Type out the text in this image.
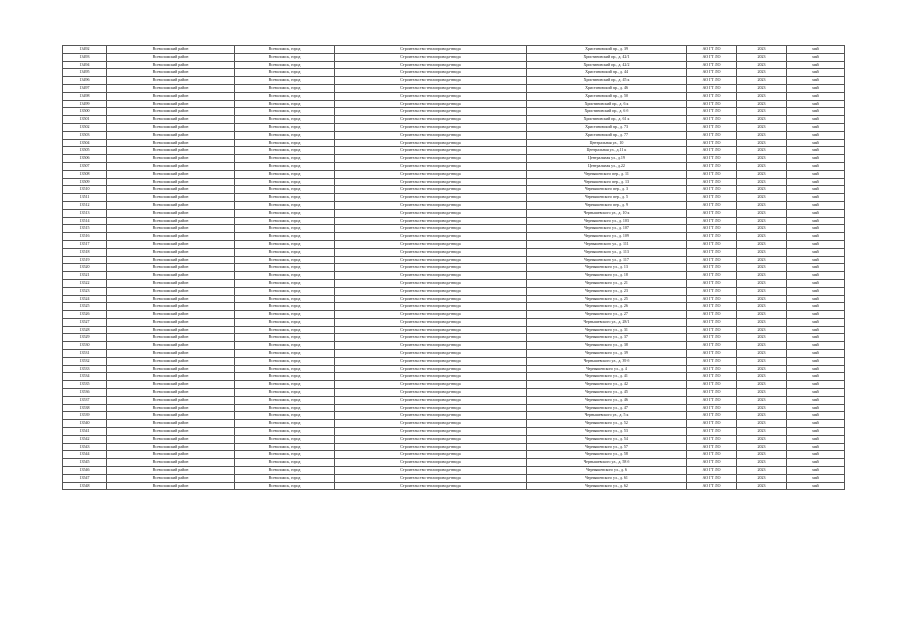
13492	Всеволожский район	Всеволожск, город	Строительство теплопровода-ввода	Христиновский пр., д. 39	АО ГТ ЛО	2023	май
13493	Всеволожский район	Всеволожск, город	Строительство теплопровода-ввода	Христиновский пр., д. 42/1	АО ГТ ЛО	2023	май
13494	Всеволожский район	Всеволожск, город	Строительство теплопровода-ввода	Христиновский пр., д. 42/2	АО ГТ ЛО	2023	май
13495	Всеволожский район	Всеволожск, город	Строительство теплопровода-ввода	Христиновский пр., д. 44	АО ГТ ЛО	2023	май
13496	Всеволожский район	Всеволожск, город	Строительство теплопровода-ввода	Христиновский пр., д. 45 к	АО ГТ ЛО	2023	май
13497	Всеволожский район	Всеволожск, город	Строительство теплопровода-ввода	Христиновский пр., д. 46	АО ГТ ЛО	2023	май
13498	Всеволожский район	Всеволожск, город	Строительство теплопровода-ввода	Христиновский пр., д. 50	АО ГТ ЛО	2023	май
13499	Всеволожский район	Всеволожск, город	Строительство теплопровода-ввода	Христиновский пр., д. 6 к	АО ГТ ЛО	2023	май
13500	Всеволожский район	Всеволожск, город	Строительство теплопровода-ввода	Христиновский пр., д. 6 б	АО ГТ ЛО	2023	май
13501	Всеволожский район	Всеволожск, город	Строительство теплопровода-ввода	Христиновский пр., д. 61 к	АО ГТ ЛО	2023	май
13502	Всеволожский район	Всеволожск, город	Строительство теплопровода-ввода	Христиновский пр., д. 73	АО ГТ ЛО	2023	май
13503	Всеволожский район	Всеволожск, город	Строительство теплопровода-ввода	Христиновский пр., д. 77	АО ГТ ЛО	2023	май
13504	Всеволожский район	Всеволожск, город	Строительство теплопровода-ввода	Центральная ул., 10	АО ГТ ЛО	2023	май
13505	Всеволожский район	Всеволожск, город	Строительство теплопровода-ввода	Центральная ул., д.11 к	АО ГТ ЛО	2023	май
13506	Всеволожский район	Всеволожск, город	Строительство теплопровода-ввода	Центральная ул., д.19	АО ГТ ЛО	2023	май
13507	Всеволожский район	Всеволожск, город	Строительство теплопровода-ввода	Центральная ул., д.22	АО ГТ ЛО	2023	май
13508	Всеволожский район	Всеволожск, город	Строительство теплопровода-ввода	Чернышевского пер., д. 11	АО ГТ ЛО	2023	май
13509	Всеволожский район	Всеволожск, город	Строительство теплопровода-ввода	Чернышевского пер., д. 13	АО ГТ ЛО	2023	май
13510	Всеволожский район	Всеволожск, город	Строительство теплопровода-ввода	Чернышевского пер., д. 3	АО ГТ ЛО	2023	май
13511	Всеволожский район	Всеволожск, город	Строительство теплопровода-ввода	Чернышевского пер., д. 5	АО ГТ ЛО	2023	май
13512	Всеволожский район	Всеволожск, город	Строительство теплопровода-ввода	Чернышевского пер., д. 9	АО ГТ ЛО	2023	май
13513	Всеволожский район	Всеволожск, город	Строительство теплопровода-ввода	Чернышевского ул., д. 10 к	АО ГТ ЛО	2023	май
13514	Всеволожский район	Всеволожск, город	Строительство теплопровода-ввода	Чернышевского ул., д. 103	АО ГТ ЛО	2023	май
13515	Всеволожский район	Всеволожск, город	Строительство теплопровода-ввода	Чернышевского ул., д. 107	АО ГТ ЛО	2023	май
13516	Всеволожский район	Всеволожск, город	Строительство теплопровода-ввода	Чернышевского ул., д. 109	АО ГТ ЛО	2023	май
13517	Всеволожский район	Всеволожск, город	Строительство теплопровода-ввода	Чернышевского ул., д. 111	АО ГТ ЛО	2023	май
13518	Всеволожский район	Всеволожск, город	Строительство теплопровода-ввода	Чернышевского ул., д. 113	АО ГТ ЛО	2023	май
13519	Всеволожский район	Всеволожск, город	Строительство теплопровода-ввода	Чернышевского ул., д. 117	АО ГТ ЛО	2023	май
13520	Всеволожский район	Всеволожск, город	Строительство теплопровода-ввода	Чернышевского ул., д. 13	АО ГТ ЛО	2023	май
13521	Всеволожский район	Всеволожск, город	Строительство теплопровода-ввода	Чернышевского ул., д. 18	АО ГТ ЛО	2023	май
13522	Всеволожский район	Всеволожск, город	Строительство теплопровода-ввода	Чернышевского ул., д. 21	АО ГТ ЛО	2023	май
13523	Всеволожский район	Всеволожск, город	Строительство теплопровода-ввода	Чернышевского ул., д. 23	АО ГТ ЛО	2023	май
13524	Всеволожский район	Всеволожск, город	Строительство теплопровода-ввода	Чернышевского ул., д. 25	АО ГТ ЛО	2023	май
13525	Всеволожский район	Всеволожск, город	Строительство теплопровода-ввода	Чернышевского ул., д. 26	АО ГТ ЛО	2023	май
13526	Всеволожский район	Всеволожск, город	Строительство теплопровода-ввода	Чернышевского ул., д. 27	АО ГТ ЛО	2023	май
13527	Всеволожский район	Всеволожск, город	Строительство теплопровода-ввода	Чернышевского ул., д. 28/1	АО ГТ ЛО	2023	май
13528	Всеволожский район	Всеволожск, город	Строительство теплопровода-ввода	Чернышевского ул., д. 31	АО ГТ ЛО	2023	май
13529	Всеволожский район	Всеволожск, город	Строительство теплопровода-ввода	Чернышевского ул., д. 37	АО ГТ ЛО	2023	май
13530	Всеволожский район	Всеволожск, город	Строительство теплопровода-ввода	Чернышевского ул., д. 38	АО ГТ ЛО	2023	май
13531	Всеволожский район	Всеволожск, город	Строительство теплопровода-ввода	Чернышевского ул., д. 39	АО ГТ ЛО	2023	май
13532	Всеволожский район	Всеволожск, город	Строительство теплопровода-ввода	Чернышевского ул., д. 39 б	АО ГТ ЛО	2023	май
13533	Всеволожский район	Всеволожск, город	Строительство теплопровода-ввода	Чернышевского ул., д. 4	АО ГТ ЛО	2023	май
13534	Всеволожский район	Всеволожск, город	Строительство теплопровода-ввода	Чернышевского ул., д. 41	АО ГТ ЛО	2023	май
13535	Всеволожский район	Всеволожск, город	Строительство теплопровода-ввода	Чернышевского ул., д. 42	АО ГТ ЛО	2023	май
13536	Всеволожский район	Всеволожск, город	Строительство теплопровода-ввода	Чернышевского ул., д. 45	АО ГТ ЛО	2023	май
13537	Всеволожский район	Всеволожск, город	Строительство теплопровода-ввода	Чернышевского ул., д. 46	АО ГТ ЛО	2023	май
13538	Всеволожский район	Всеволожск, город	Строительство теплопровода-ввода	Чернышевского ул., д. 47	АО ГТ ЛО	2023	май
13539	Всеволожский район	Всеволожск, город	Строительство теплопровода-ввода	Чернышевского ул., д. 5 к	АО ГТ ЛО	2023	май
13540	Всеволожский район	Всеволожск, город	Строительство теплопровода-ввода	Чернышевского ул., д. 52	АО ГТ ЛО	2023	май
13541	Всеволожский район	Всеволожск, город	Строительство теплопровода-ввода	Чернышевского ул., д. 53	АО ГТ ЛО	2023	май
13542	Всеволожский район	Всеволожск, город	Строительство теплопровода-ввода	Чернышевского ул., д. 54	АО ГТ ЛО	2023	май
13543	Всеволожский район	Всеволожск, город	Строительство теплопровода-ввода	Чернышевского ул., д. 57	АО ГТ ЛО	2023	май
13544	Всеволожский район	Всеволожск, город	Строительство теплопровода-ввода	Чернышевского ул., д. 58	АО ГТ ЛО	2023	май
13545	Всеволожский район	Всеволожск, город	Строительство теплопровода-ввода	Чернышевского ул., д. 58 б	АО ГТ ЛО	2023	май
13546	Всеволожский район	Всеволожск, город	Строительство теплопровода-ввода	Чернышевского ул., д. 6	АО ГТ ЛО	2023	май
13547	Всеволожский район	Всеволожск, город	Строительство теплопровода-ввода	Чернышевского ул., д. 61	АО ГТ ЛО	2023	май
13548	Всеволожский район	Всеволожск, город	Строительство теплопровода-ввода	Чернышевского ул., д. 62	АО ГТ ЛО	2023	май
